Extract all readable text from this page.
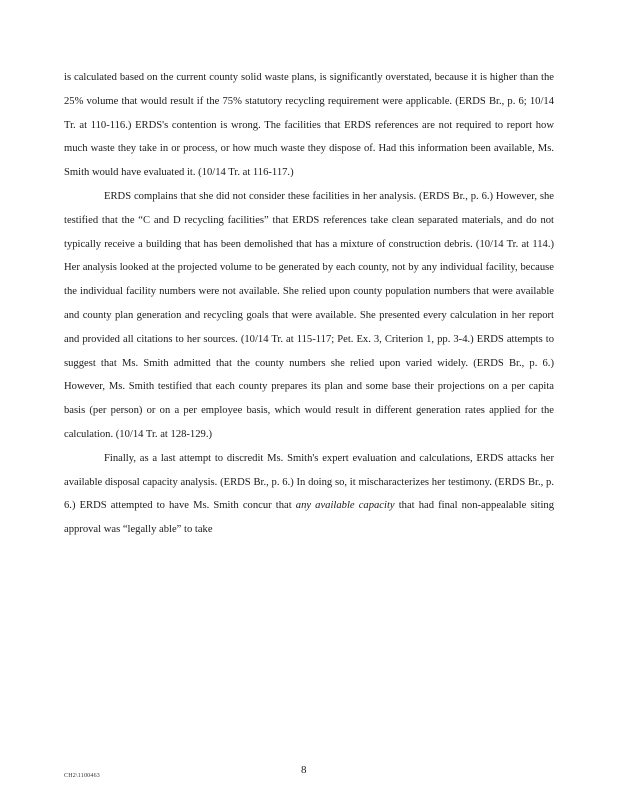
is calculated based on the current county solid waste plans, is significantly overstated, because it is higher than the 25% volume that would result if the 75% statutory recycling requirement were applicable. (ERDS Br., p. 6; 10/14 Tr. at 110-116.) ERDS's contention is wrong. The facilities that ERDS references are not required to report how much waste they take in or process, or how much waste they dispose of. Had this information been available, Ms. Smith would have evaluated it. (10/14 Tr. at 116-117.)

ERDS complains that she did not consider these facilities in her analysis. (ERDS Br., p. 6.) However, she testified that the “C and D recycling facilities” that ERDS references take clean separated materials, and do not typically receive a building that has been demolished that has a mixture of construction debris. (10/14 Tr. at 114.) Her analysis looked at the projected volume to be generated by each county, not by any individual facility, because the individual facility numbers were not available. She relied upon county population numbers that were available and county plan generation and recycling goals that were available. She presented every calculation in her report and provided all citations to her sources. (10/14 Tr. at 115-117; Pet. Ex. 3, Criterion 1, pp. 3-4.) ERDS attempts to suggest that Ms. Smith admitted that the county numbers she relied upon varied widely. (ERDS Br., p. 6.) However, Ms. Smith testified that each county prepares its plan and some base their projections on a per capita basis (per person) or on a per employee basis, which would result in different generation rates applied for the calculation. (10/14 Tr. at 128-129.)

Finally, as a last attempt to discredit Ms. Smith's expert evaluation and calculations, ERDS attacks her available disposal capacity analysis. (ERDS Br., p. 6.) In doing so, it mischaracterizes her testimony. (ERDS Br., p. 6.) ERDS attempted to have Ms. Smith concur that any available capacity that had final non-appealable siting approval was “legally able” to take

CH2\1100463	8
